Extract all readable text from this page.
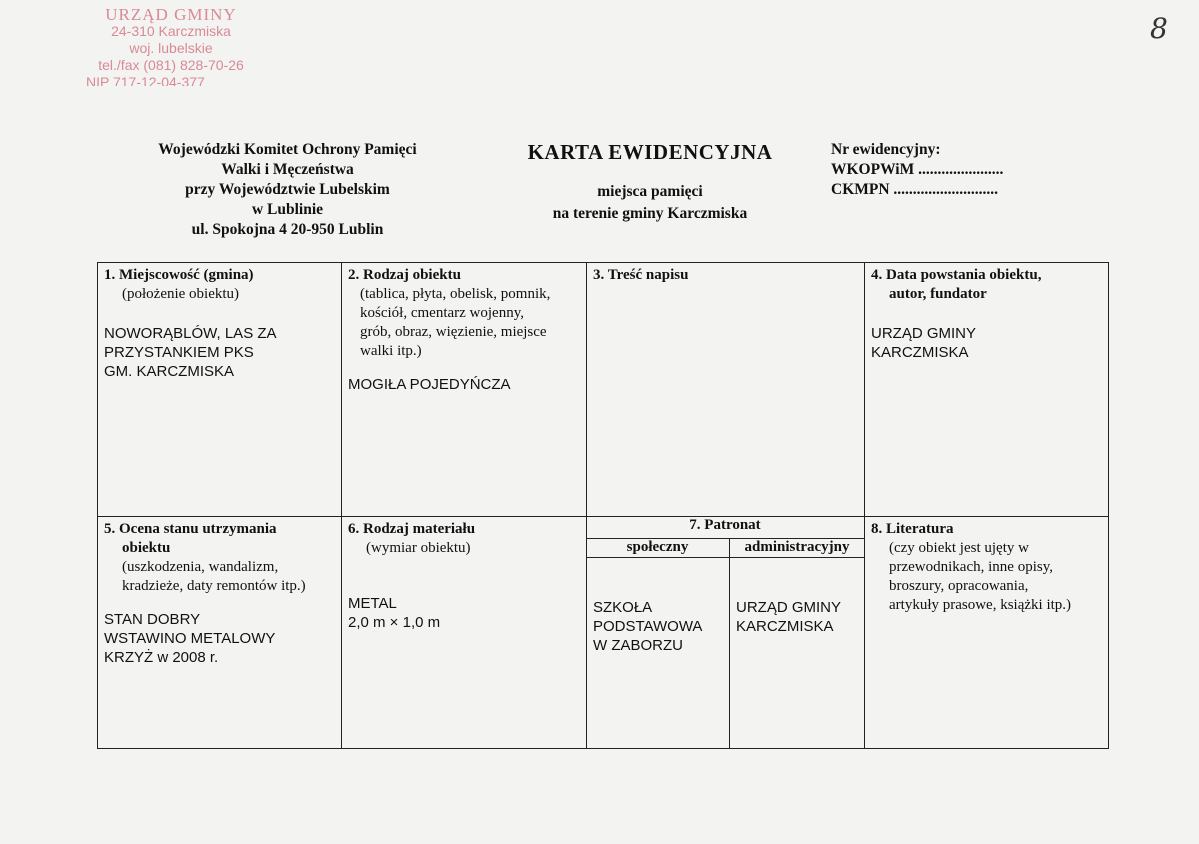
URZĄD GMINY
24-310 Karczmiska
woj. lubelskie
tel./fax (081) 828-70-26
NIP 717-12-04-377
8
Wojewódzki Komitet Ochrony Pamięci
Walki i Męczeństwa
przy Województwie Lubelskim
w Lublinie
ul. Spokojna 4 20-950 Lublin
KARTA EWIDENCYJNA
miejsca pamięci
na terenie gminy Karczmiska
Nr ewidencyjny:
WKOPWiM ......................
CKMPN ...........................
1. Miejscowość (gmina)
(położenie obiektu)
NOWORĄBLÓW, LAS ZA
PRZYSTANKIEM PKS
GM. KARCZMISKA
2. Rodzaj obiektu
(tablica, płyta, obelisk, pomnik,
kościół, cmentarz wojenny,
grób, obraz, więzienie, miejsce
walki itp.)
MOGIŁA POJEDYŃCZA
3. Treść napisu	4. Data powstania obiektu,
autor, fundator
URZĄD GMINY
KARCZMISKA
5. Ocena stanu utrzymania
obiektu
(uszkodzenia, wandalizm,
kradzieże, daty remontów itp.)
STAN DOBRY
WSTAWINO METALOWY
KRZYŻ w 2008 r.
6. Rodzaj materiału
(wymiar obiektu)
METAL
2,0 m × 1,0 m
7. Patronat
społeczny	administracyjny
SZKOŁA
PODSTAWOWA
W ZABORZU
URZĄD GMINY
KARCZMISKA
8. Literatura
(czy obiekt jest ujęty w
przewodnikach, inne opisy,
broszury, opracowania,
artykuły prasowe, książki itp.)
